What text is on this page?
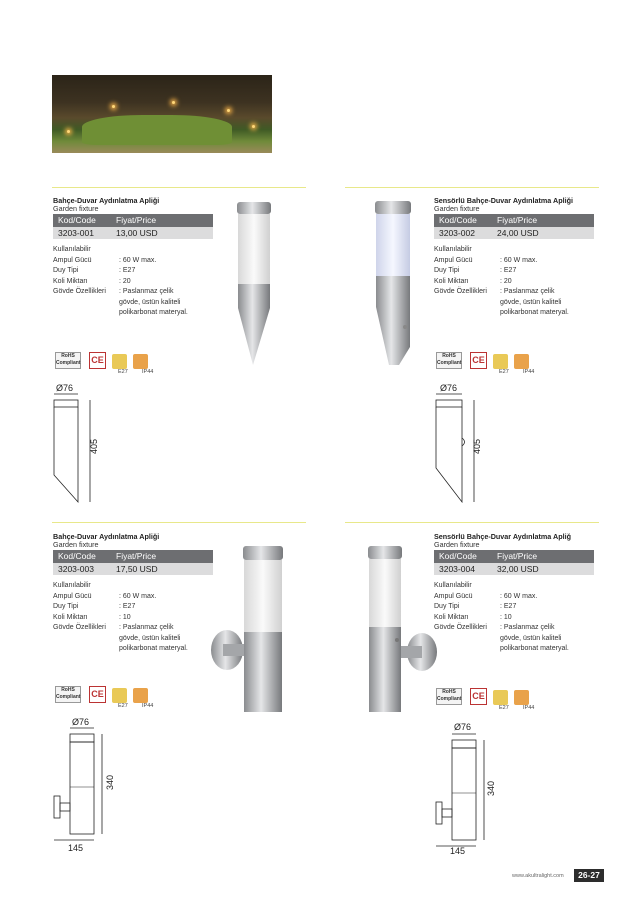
Bahçe-Duvar Aydınlatma Apliği
Garden fixture
Kod/Code	Fiyat/Price
3203-001	13,00 USD
Kullanılabilir
Ampul Gücü	: 60 W max.
Duy Tipi	: E27
Koli Miktarı	: 20
Gövde Özellikleri	: Paslanmaz çelik gövde, üstün kaliteli polikarbonat materyal.
RoHS Compliant CE
E27	IP44
Ø76
405
Sensörlü Bahçe-Duvar Aydınlatma Apliği
Garden fixture
Kod/Code	Fiyat/Price
3203-002	24,00 USD
Kullanılabilir
Ampul Gücü	: 60 W max.
Duy Tipi	: E27
Koli Miktarı	: 20
Gövde Özellikleri	: Paslanmaz çelik gövde, üstün kaliteli polikarbonat materyal.
RoHS Compliant CE
E27	IP44
Ø76
405
Bahçe-Duvar Aydınlatma Apliği
Garden fixture
Kod/Code	Fiyat/Price
3203-003	17,50 USD
Kullanılabilir
Ampul Gücü	: 60 W max.
Duy Tipi	: E27
Koli Miktarı	: 10
Gövde Özellikleri	: Paslanmaz çelik gövde, üstün kaliteli polikarbonat materyal.
RoHS Compliant CE
E27	IP44
Ø76
340
145
Sensörlü Bahçe-Duvar Aydınlatma Apliğ
Garden fixture
Kod/Code	Fiyat/Price
3203-004	32,00 USD
Kullanılabilir
Ampul Gücü	: 60 W max.
Duy Tipi	: E27
Koli Miktarı	: 10
Gövde Özellikleri	: Paslanmaz çelik gövde, üstün kaliteli polikarbonat materyal.
RoHS Compliant CE
E27	IP44
Ø76
340
145
www.akultralight.com	26-27
